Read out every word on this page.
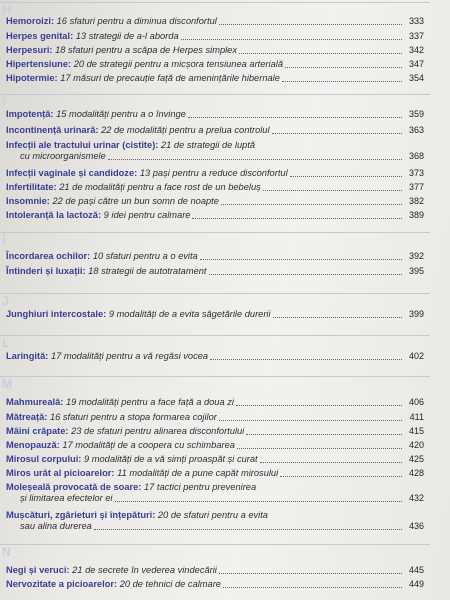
H
Hemoroizi:
16 sfaturi pentru a diminua disconfortul	333
Herpes genital:
13 strategii de a-l aborda	337
Herpesuri:
18 sfaturi pentru a scăpa de Herpes simplex	342
Hipertensiune:
20 de strategii pentru a micșora tensiunea arterială	347
Hipotermie:
17 măsuri de precauție față de amenințările hibernale	354
I
Impotență:
15 modalități pentru a o învinge	359
Incontinență urinară:
22 de modalități pentru a prelua controlul	363
Infecții ale tractului urinar (cistite):
21 de strategii de luptă
cu microorganismele	368
Infecții vaginale și candidoze:
13 pași pentru a reduce disconfortul	373
Infertilitate:
21 de modalități pentru a face rost de un bebeluș	377
Insomnie:
22 de pași către un bun somn de noapte	382
Intoleranță la lactoză:
9 idei pentru calmare	389
Î
Încordarea ochilor:
10 sfaturi pentru a o evita	392
Întinderi și luxații:
18 strategii de autotratament	395
J
Junghiuri intercostale:
9 modalități de a evita săgetările durerii	399
L
Laringită:
17 modalități pentru a vă regăsi vocea	402
M
Mahmureală:
19 modalități pentru a face față a doua zi	406
Mătreață:
16 sfaturi pentru a stopa formarea cojilor	411
Mâini crăpate:
23 de sfaturi pentru alinarea disconfortului	415
Menopauză:
17 modalități de a coopera cu schimbarea	420
Mirosul corpului:
9 modalități de a vă simți proaspăt și curat	425
Miros urât al picioarelor:
11 modalități de a pune capăt mirosului	428
Moleșeală provocată de soare:
17 tactici pentru prevenirea
și limitarea efectelor ei	432
Mușcături, zgârieturi și înțepături:
20 de sfaturi pentru a evita
sau alina durerea	436
N
Negi și veruci:
21 de secrete în vederea vindecării	445
Nervozitate a picioarelor:
20 de tehnici de calmare	449
